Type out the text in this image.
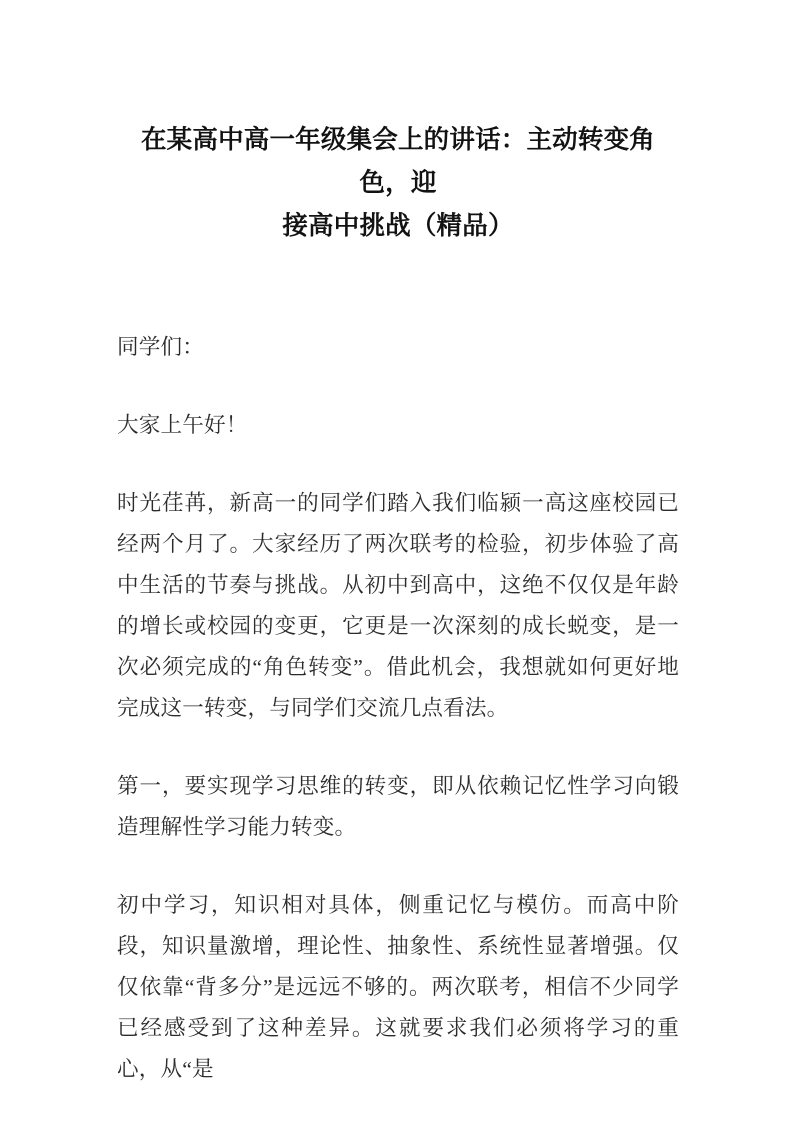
在某高中高一年级集会上的讲话：主动转变角色，迎
接高中挑战（精品）

同学们：

大家上午好！

时光荏苒，新高一的同学们踏入我们临颍一高这座校园已经两个月了。大家经历了两次联考的检验，初步体验了高中生活的节奏与挑战。从初中到高中，这绝不仅仅是年龄的增长或校园的变更，它更是一次深刻的成长蜕变，是一次必须完成的“角色转变”。借此机会，我想就如何更好地完成这一转变，与同学们交流几点看法。

第一，要实现学习思维的转变，即从依赖记忆性学习向锻造理解性学习能力转变。

初中学习，知识相对具体，侧重记忆与模仿。而高中阶段，知识量激增，理论性、抽象性、系统性显著增强。仅仅依靠“背多分”是远远不够的。两次联考，相信不少同学已经感受到了这种差异。这就要求我们必须将学习的重心，从“是
